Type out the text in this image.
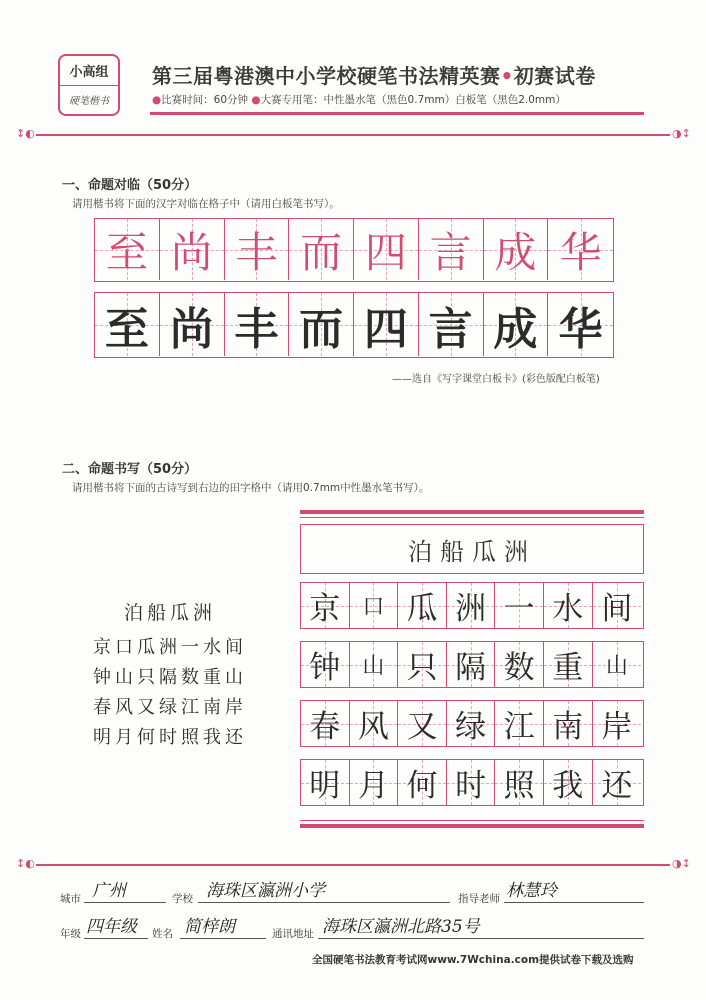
小高组
硬笔楷书
第三届粤港澳中小学校硬笔书法精英赛•初赛试卷
●比赛时间：60分钟 ●大赛专用笔：中性墨水笔（黑色0.7mm）白板笔（黑色2.0mm）
↕◐	◑↕
一、命题对临（50分）
请用楷书将下面的汉字对临在格子中（请用白板笔书写）。
至 尚 丰 而 四 言 成 华
至 尚 丰 而 四 言 成 华
——选自《写字课堂白板卡》(彩色版配白板笔)
二、命题书写（50分）
请用楷书将下面的古诗写到右边的田字格中（请用0.7mm中性墨水笔书写）。
泊船瓜洲
京口瓜洲一水间
钟山只隔数重山
春风又绿江南岸
明月何时照我还
泊船瓜洲
京 口 瓜 洲 一 水 间
钟 山 只 隔 数 重 山
春 风 又 绿 江 南 岸
明 月 何 时 照 我 还
↕◐	◑↕
城市 广州	学校 海珠区瀛洲小学	指导老师 林慧玲
年级 四年级 姓名 简梓朗	通讯地址 海珠区瀛洲北路35号
全国硬笔书法教育考试网www.7Wchina.com提供试卷下载及选购
